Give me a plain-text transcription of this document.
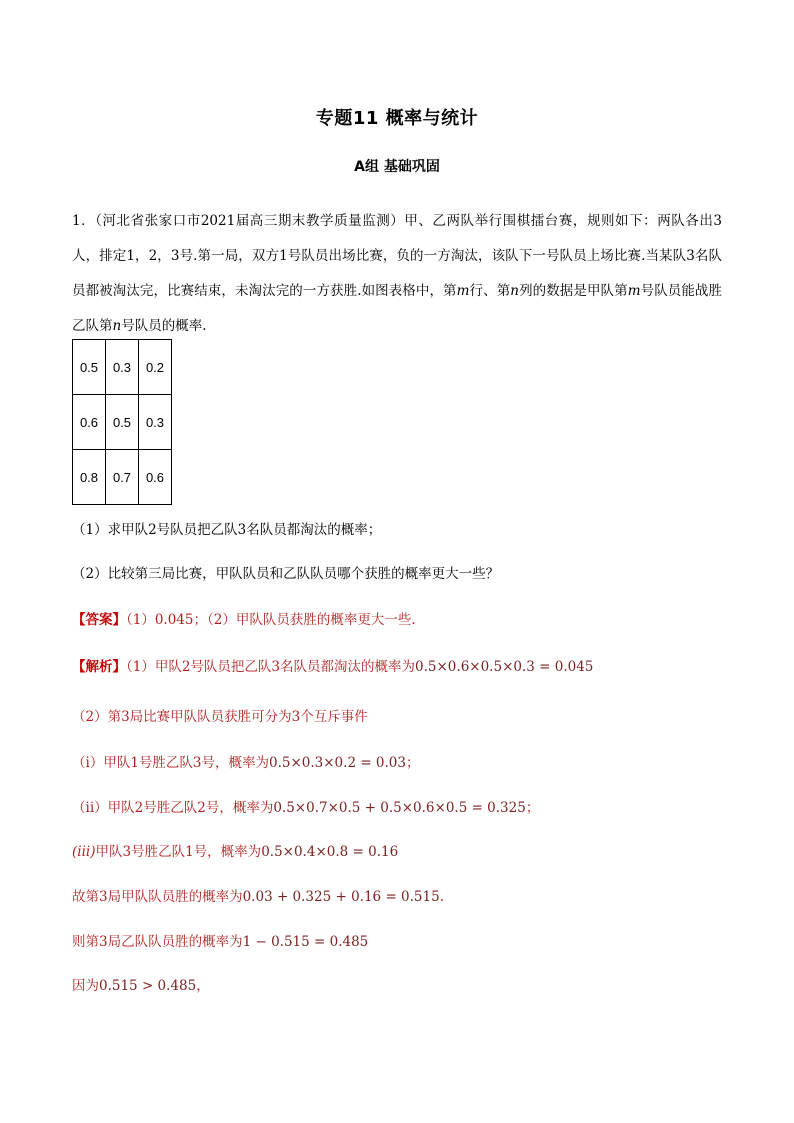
专题11 概率与统计
A组 基础巩固
1．（河北省张家口市2021届高三期末教学质量监测）甲、乙两队举行围棋擂台赛，规则如下：两队各出3人，排定1，2，3号.第一局，双方1号队员出场比赛，负的一方淘汰，该队下一号队员上场比赛.当某队3名队员都被淘汰完，比赛结束，未淘汰完的一方获胜.如图表格中，第m行、第n列的数据是甲队第m号队员能战胜乙队第n号队员的概率.
0.5	0.3	0.2
0.6	0.5	0.3
0.8	0.7	0.6
（1）求甲队2号队员把乙队3名队员都淘汰的概率；
（2）比较第三局比赛，甲队队员和乙队队员哪个获胜的概率更大一些？
【答案】（1）0.045；（2）甲队队员获胜的概率更大一些.
【解析】（1）甲队2号队员把乙队3名队员都淘汰的概率为0.5×0.6×0.5×0.3 = 0.045
（2）第3局比赛甲队队员获胜可分为3个互斥事件
（i）甲队1号胜乙队3号，概率为0.5×0.3×0.2 = 0.03；
（ii）甲队2号胜乙队2号，概率为0.5×0.7×0.5 + 0.5×0.6×0.5 = 0.325；
(iii)甲队3号胜乙队1号，概率为0.5×0.4×0.8 = 0.16
故第3局甲队队员胜的概率为0.03 + 0.325 + 0.16 = 0.515.
则第3局乙队队员胜的概率为1 − 0.515 = 0.485
因为0.515 > 0.485，
